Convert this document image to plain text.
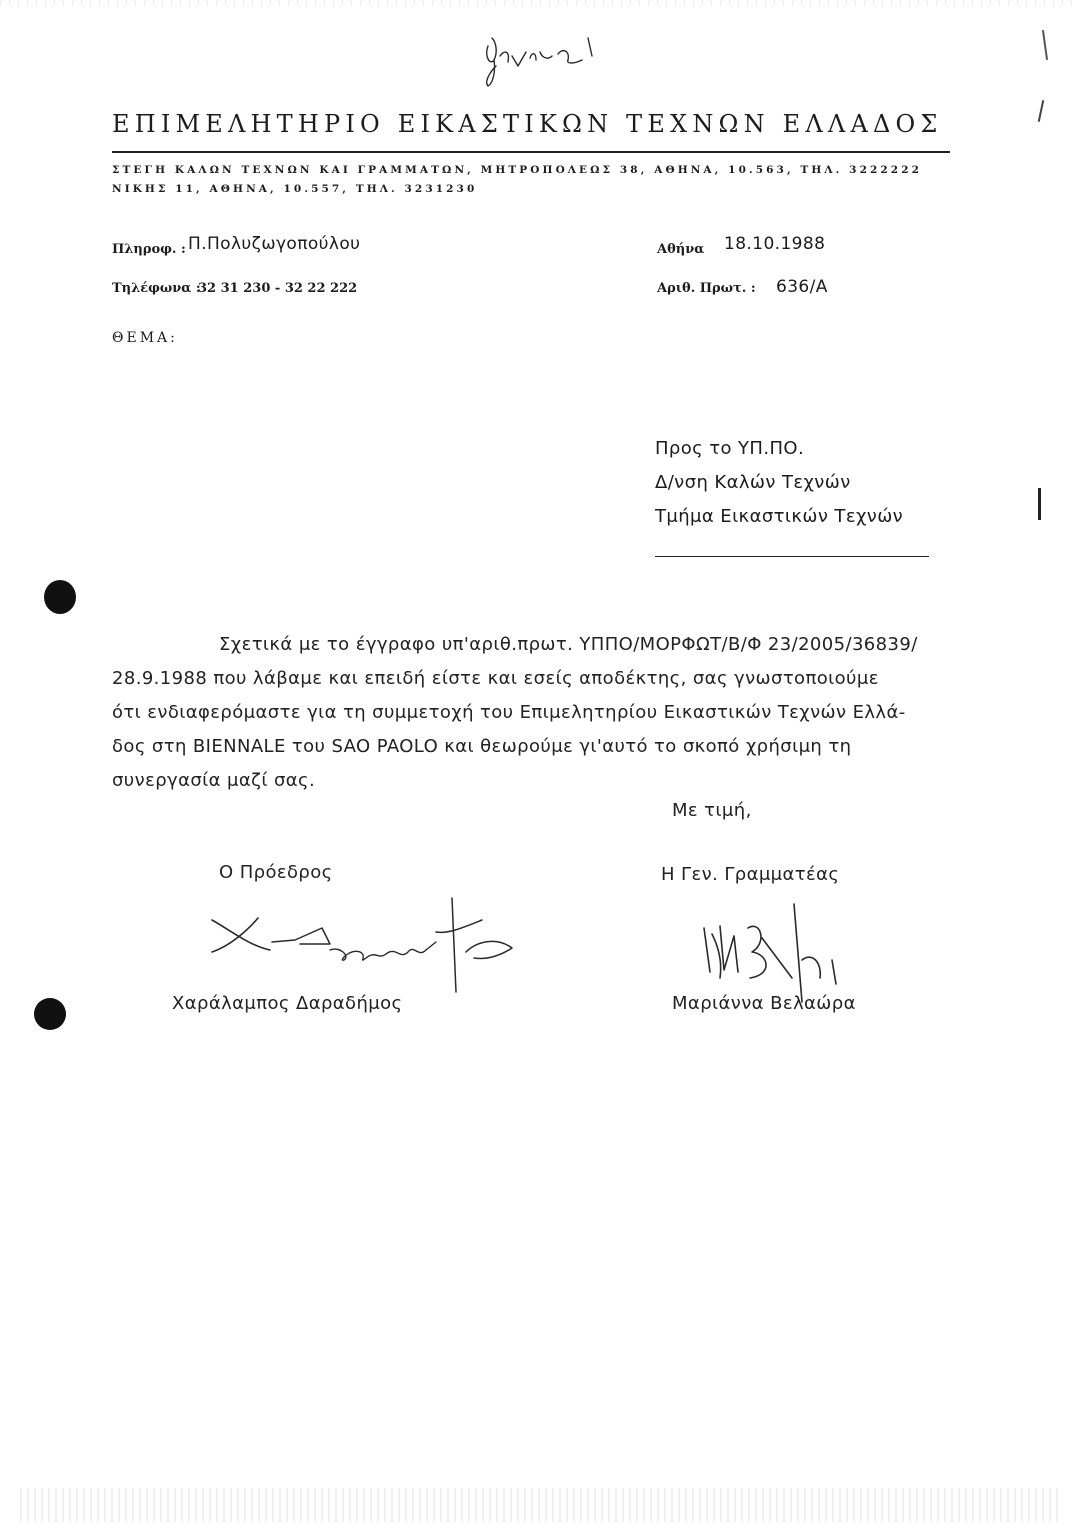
ΕΠΙΜΕΛΗΤΗΡΙΟ ΕΙΚΑΣΤΙΚΩΝ ΤΕΧΝΩΝ ΕΛΛΑΔΟΣ
ΣΤΕΓΗ ΚΑΛΩΝ ΤΕΧΝΩΝ ΚΑΙ ΓΡΑΜΜΑΤΩΝ, ΜΗΤΡΟΠΟΛΕΩΣ 38, ΑΘΗΝΑ, 10.563, ΤΗΛ. 3222222
ΝΙΚΗΣ 11, ΑΘΗΝΑ, 10.557, ΤΗΛ. 3231230
Πληροφ. : Π.Πολυζωγοπούλου
Τηλέφωνα :
32 31 230 - 32 22 222
Αθήνα 18.10.1988
Αριθ. Πρωτ. : 636/Α
ΘΕΜΑ:
Προς το ΥΠ.ΠΟ.
Δ/νση Καλών Τεχνών
Τμήμα Εικαστικών Τεχνών
Σχετικά με το έγγραφο υπ'αριθ.πρωτ. ΥΠΠΟ/ΜΟΡΦΩΤ/Β/Φ 23/2005/36839/
28.9.1988 που λάβαμε και επειδή είστε και εσείς αποδέκτης, σας γνωστοποιούμε
ότι ενδιαφερόμαστε για τη συμμετοχή του Επιμελητηρίου Εικαστικών Τεχνών Ελλά-
δος στη BIENNALE του SAO PAOLO και θεωρούμε γι'αυτό το σκοπό χρήσιμη τη
συνεργασία μαζί σας.
Με τιμή,
Ο Πρόεδρος	Η Γεν. Γραμματέας
Χαράλαμπος Δαραδήμος	Μαριάννα Βελαώρα
